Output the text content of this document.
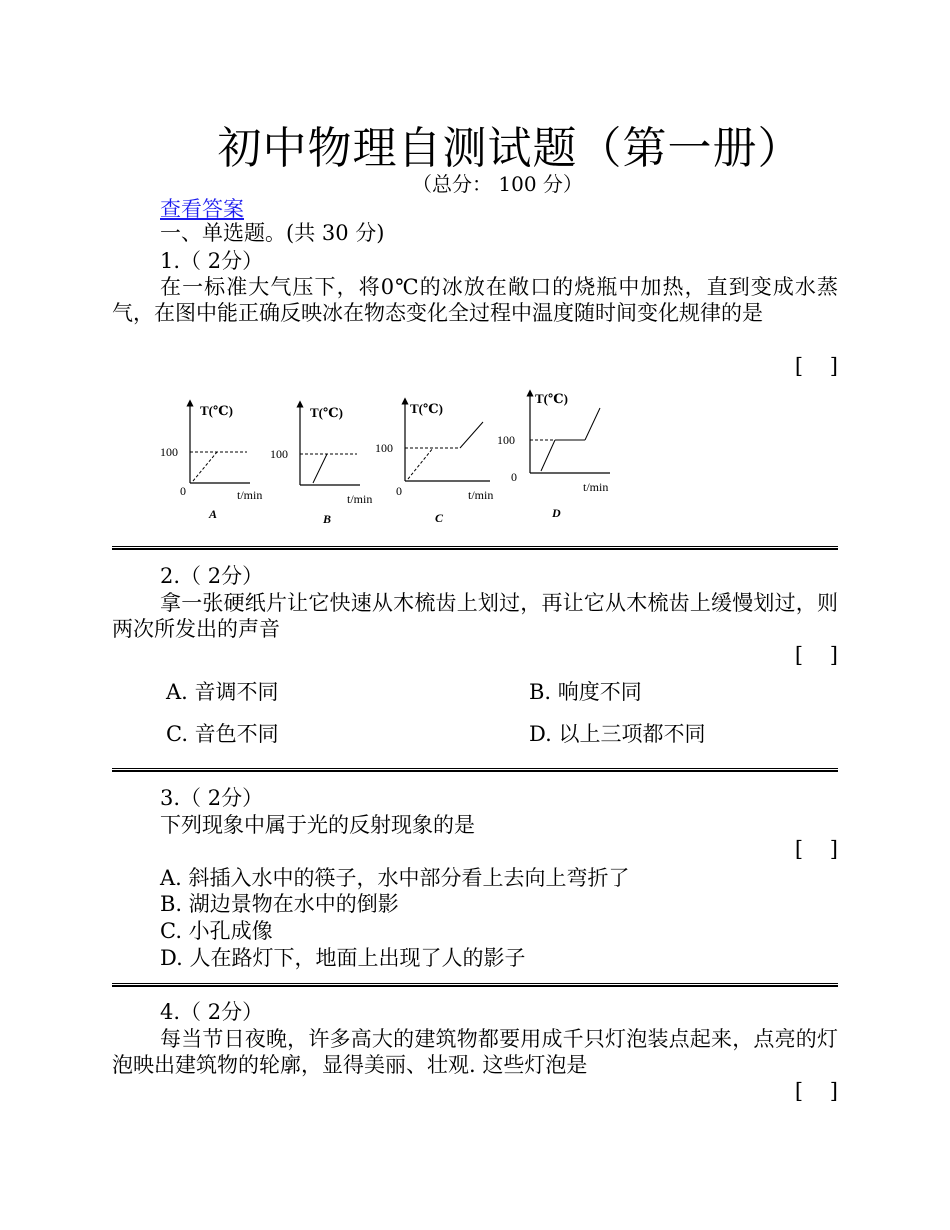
初中物理自测试题（第一册）
（总分： 100 分）
查看答案
一、单选题。(共 30 分)
1.（ 2分）
在一标准大气压下，将0℃的冰放在敞口的烧瓶中加热，直到变成水蒸气，在图中能正确反映冰在物态变化全过程中温度随时间变化规律的是
[    ]
T(℃)
100
0	t/min
A
T(℃)
100
t/min
B
T(℃)
100
0	t/min
C
T(℃)
100
0
t/min
D
2.（ 2分）
拿一张硬纸片让它快速从木梳齿上划过，再让它从木梳齿上缓慢划过，则两次所发出的声音
[    ]
A. 音调不同	B. 响度不同
C. 音色不同	D. 以上三项都不同
3.（ 2分）
下列现象中属于光的反射现象的是
[    ]
A. 斜插入水中的筷子，水中部分看上去向上弯折了
B. 湖边景物在水中的倒影
C. 小孔成像
D. 人在路灯下，地面上出现了人的影子
4.（ 2分）
每当节日夜晚，许多高大的建筑物都要用成千只灯泡装点起来，点亮的灯泡映出建筑物的轮廓，显得美丽、壮观. 这些灯泡是
[    ]
